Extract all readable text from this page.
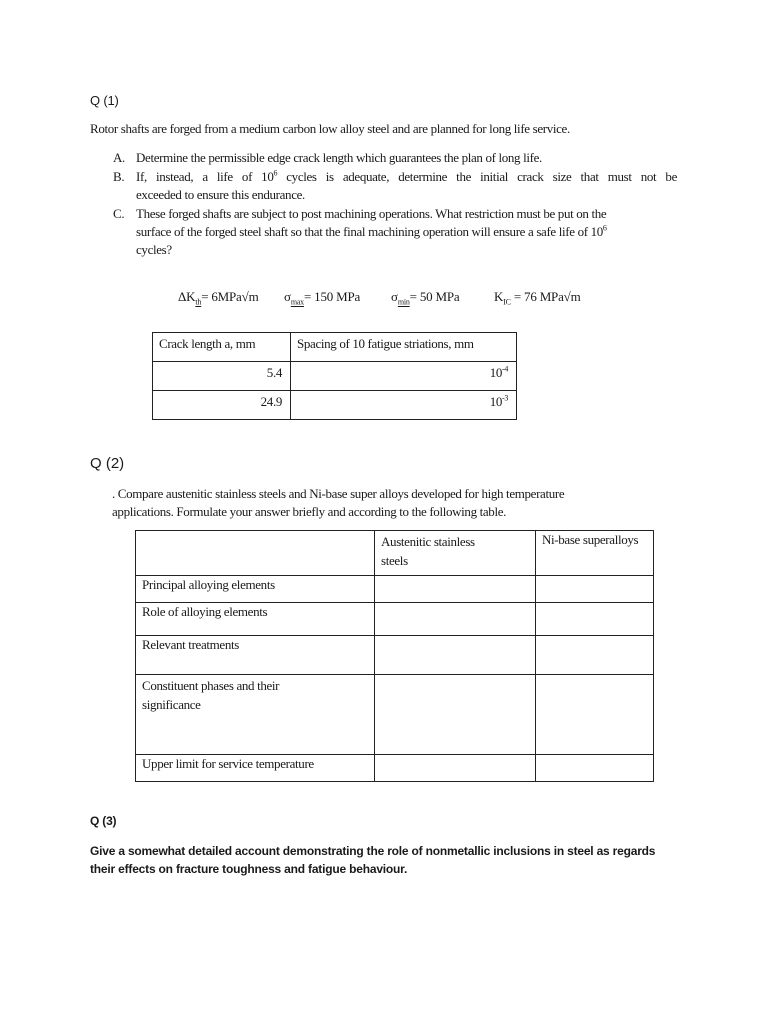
Q (1)
Rotor shafts are forged from a medium carbon low alloy steel and are planned for long life service.
A. Determine the permissible edge crack length which guarantees the plan of long life.
B. If,  instead,  a  life  of  $10^6$  cycles  is  adequate,  determine  the  initial  crack  size  that  must  not  be
exceeded to ensure this endurance.
C. These forged shafts are subject to post machining operations. What restriction must be put on the
surface of the forged steel shaft so that the final machining operation will ensure a safe life of $10^6$
cycles?
$\Delta K_{th}= 6MPa√m$ $\sigma_{max}= 150$ MPa $\sigma_{min}= 50$ MPa	$K_{IC} = 76$ MPa√m
Crack length a, mm	Spacing of 10 fatigue striations, mm
5.4	$10^{-4}$
24.9	$10^{-3}$
Q (2)
. Compare austenitic stainless steels and Ni-base super alloys developed for high temperature
applications. Formulate your answer briefly and according to the following table.

	Austenitic stainless
steels	Ni-base superalloys
Principal alloying elements		
Role of alloying elements		
Relevant treatments		

Constituent phases and their
significance		

Upper limit for service temperature		
Q (3)
Give a somewhat detailed account demonstrating the role of nonmetallic inclusions in steel as regards
their effects on fracture toughness and fatigue behaviour.
